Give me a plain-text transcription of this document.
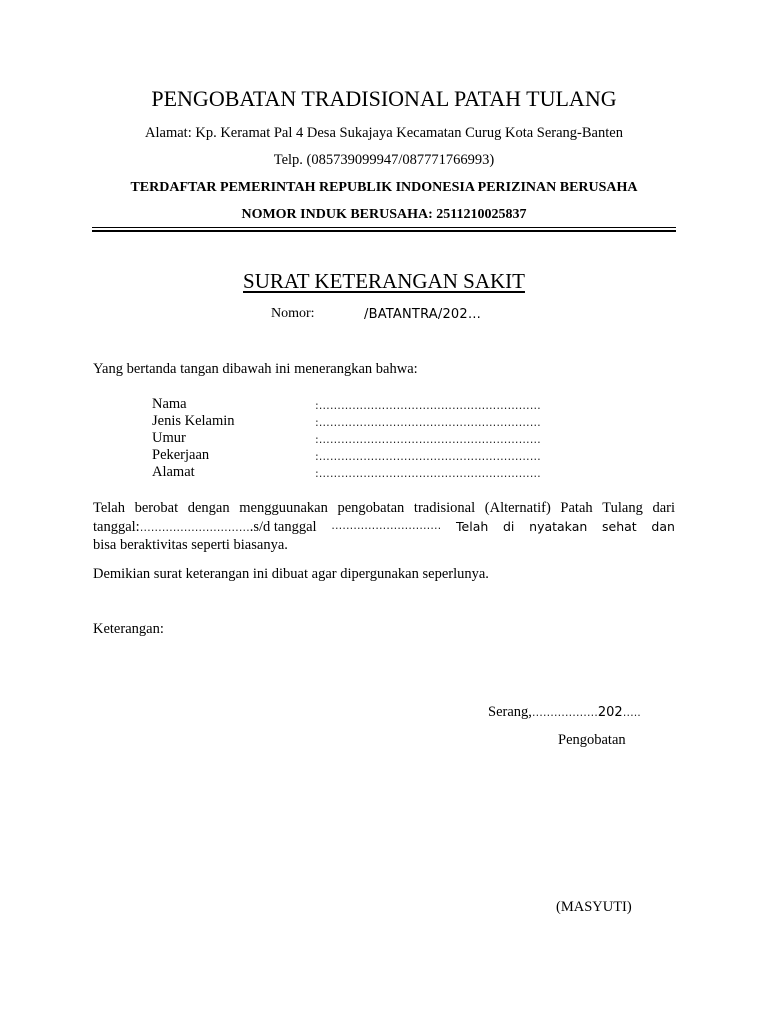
PENGOBATAN TRADISIONAL PATAH TULANG
Alamat: Kp. Keramat Pal 4 Desa Sukajaya Kecamatan Curug Kota Serang-Banten
Telp. (085739099947/087771766993)
TERDAFTAR PEMERINTAH REPUBLIK INDONESIA PERIZINAN BERUSAHA
NOMOR INDUK BERUSAHA: 2511210025837
SURAT KETERANGAN SAKIT
Nomor:	/BATANTRA/202…
Yang bertanda tangan dibawah ini menerangkan bahwa:
Nama	:……………………………………………………
Jenis Kelamin	:……………………………………………………
Umur	:……………………………………………………
Pekerjaan	:……………………………………………………
Alamat	:……………………………………………………
Telah berobat dengan mengguunakan pengobatan tradisional (Alternatif) Patah Tulang dari
tanggal:………………………….s/d tanggal ………………………… Telah di nyatakan sehat dan
bisa beraktivitas seperti biasanya.
Demikian surat keterangan ini dibuat agar dipergunakan seperlunya.
Keterangan:
Serang,………………202…..
Pengobatan
(MASYUTI)
